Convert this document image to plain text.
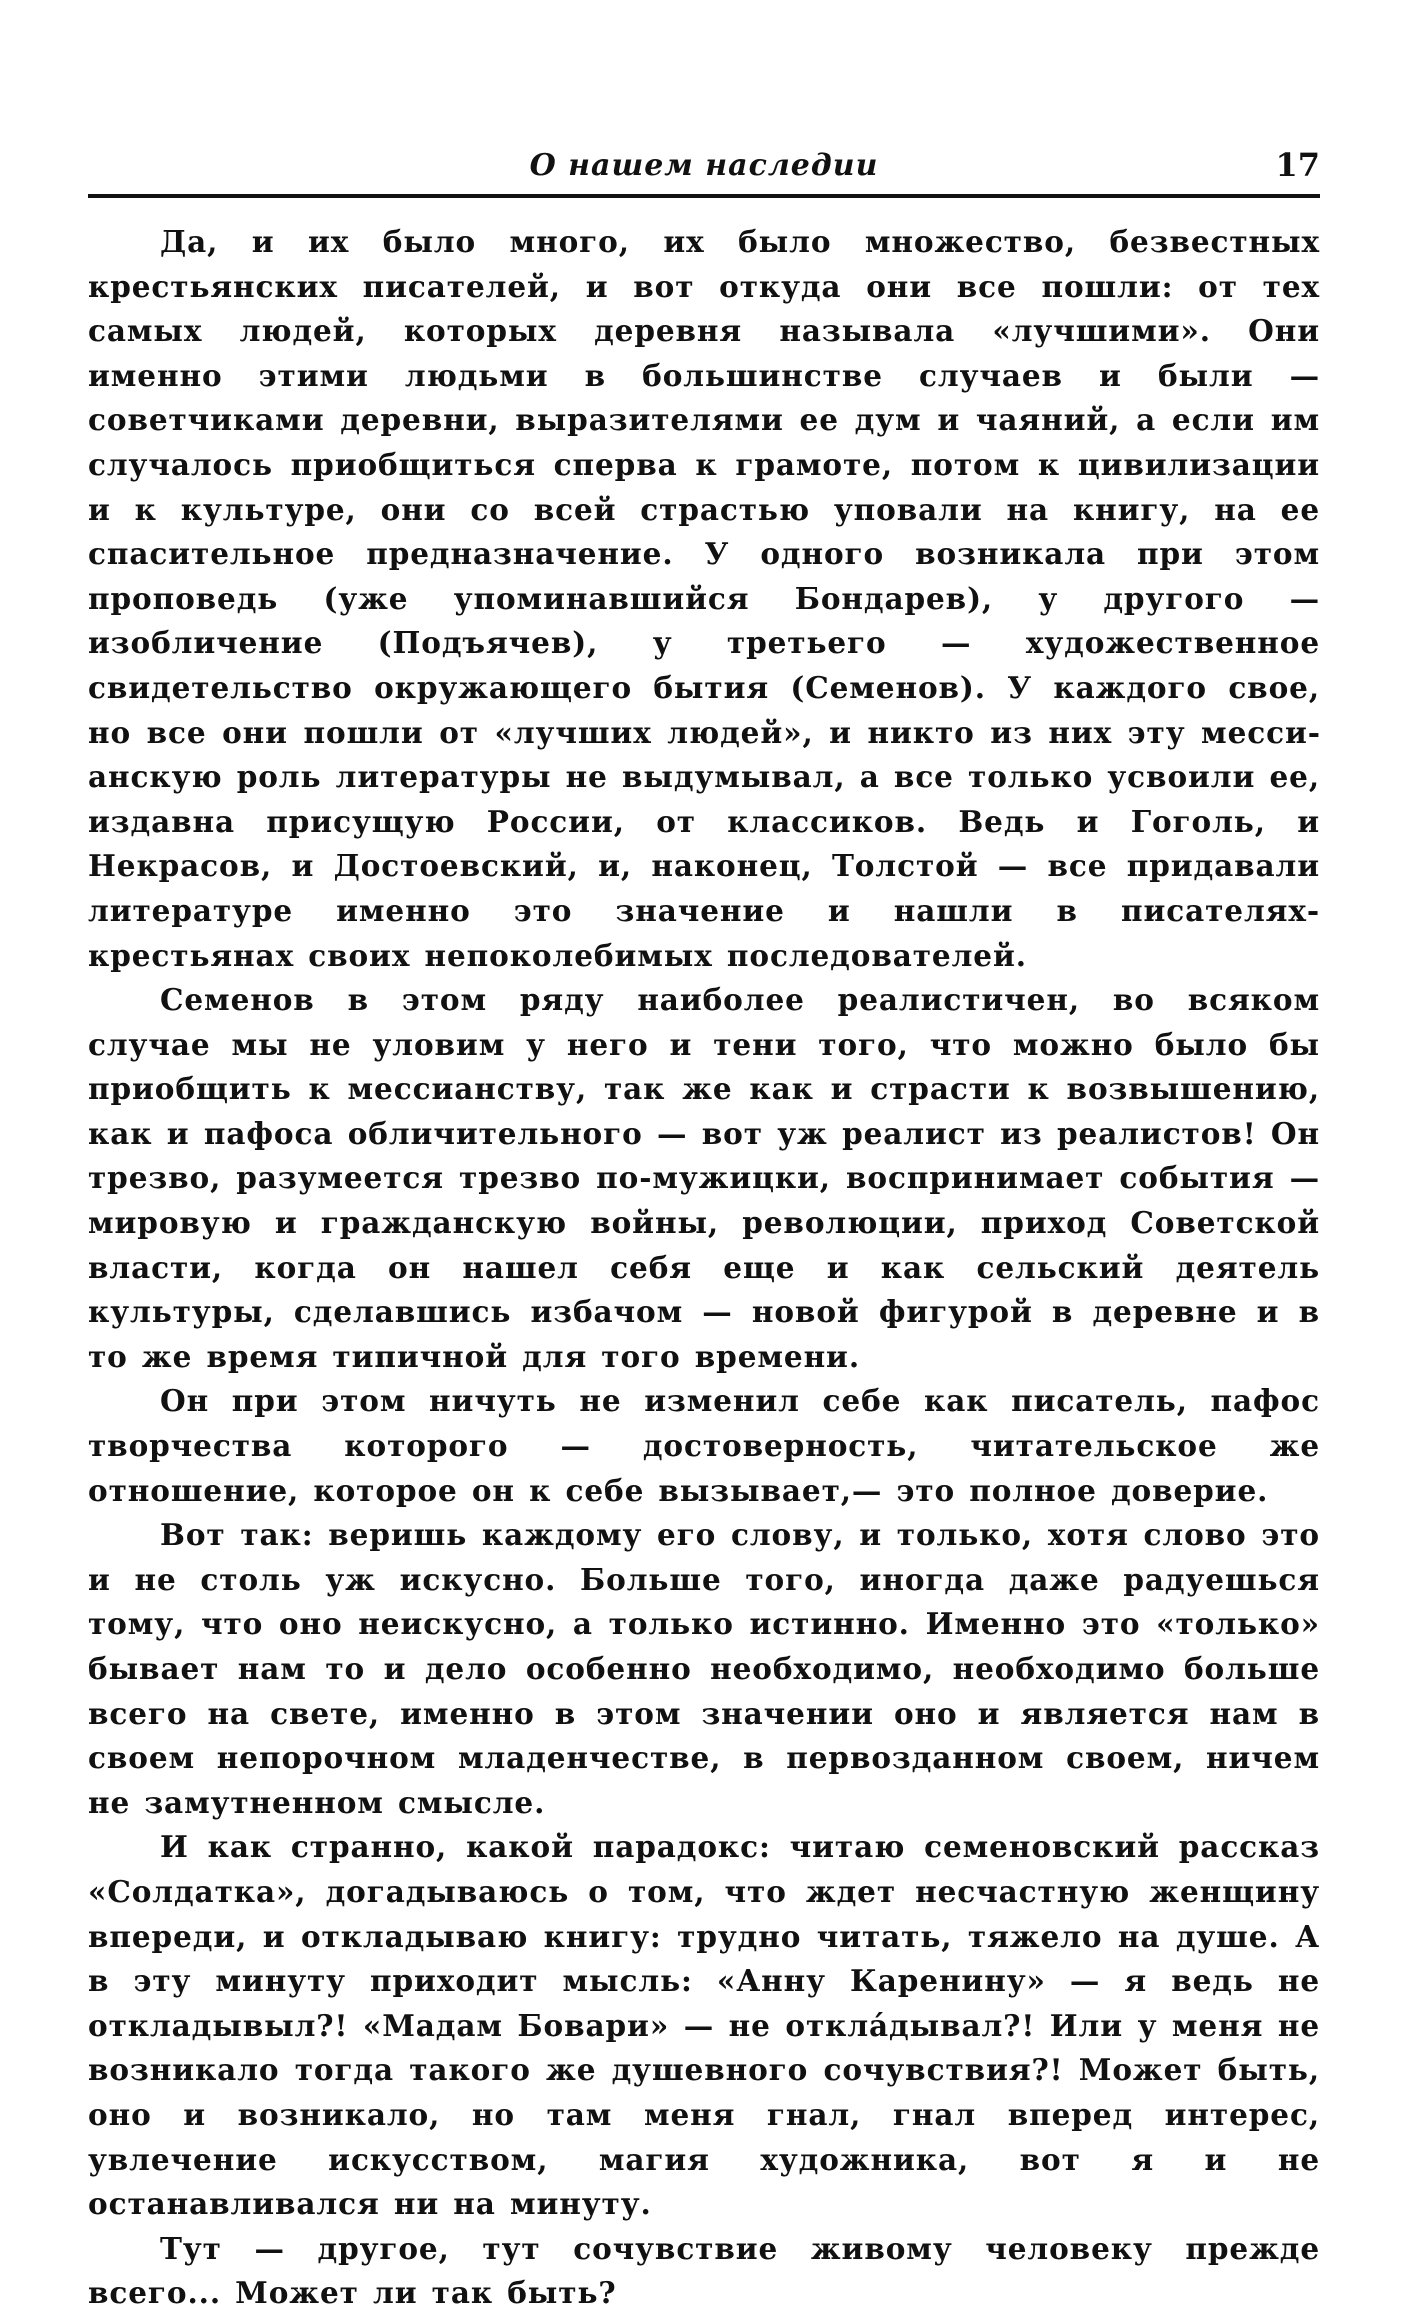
О нашем наследии	17

Да, и их было много, их было множество, безвестных крестьянских писателей, и вот откуда они все пошли: от тех самых людей, которых деревня называла «лучшими». Они именно этими людьми в большинстве случаев и были — советчиками деревни, выразителями ее дум и чаяний, а если им случалось приобщиться сперва к грамоте, потом к цивилизации и к культуре, они со всей страстью уповали на книгу, на ее спасительное предназначение. У одного возникала при этом проповедь (уже упоминавшийся Бондарев), у другого — изобличение (Подъячев), у третьего — художественное свидетельство окружающего бытия (Семенов). У каждого свое, но все они пошли от «лучших людей», и никто из них эту мессианскую роль литературы не выдумывал, а все только усвоили ее, издавна присущую России, от классиков. Ведь и Гоголь, и Некрасов, и Достоевский, и, наконец, Толстой — все придавали литературе именно это значение и нашли в писателях-крестьянах своих непоколебимых последователей.

Семенов в этом ряду наиболее реалистичен, во всяком случае мы не уловим у него и тени того, что можно было бы приобщить к мессианству, так же как и страсти к возвышению, как и пафоса обличительного — вот уж реалист из реалистов! Он трезво, разумеется трезво по-мужицки, воспринимает события — мировую и гражданскую войны, революции, приход Советской власти, когда он нашел себя еще и как сельский деятель культуры, сделавшись избачом — новой фигурой в деревне и в то же время типичной для того времени.

Он при этом ничуть не изменил себе как писатель, пафос творчества которого — достоверность, читательское же отношение, которое он к себе вызывает,— это полное доверие.

Вот так: веришь каждому его слову, и только, хотя слово это и не столь уж искусно. Больше того, иногда даже радуешься тому, что оно неискусно, а только истинно. Именно это «только» бывает нам то и дело особенно необходимо, необходимо больше всего на свете, именно в этом значении оно и является нам в своем непорочном младенчестве, в первозданном своем, ничем не замутненном смысле.

И как странно, какой парадокс: читаю семеновский рассказ «Солдатка», догадываюсь о том, что ждет несчастную женщину впереди, и откладываю книгу: трудно читать, тяжело на душе. А в эту минуту приходит мысль: «Анну Каренину» — я ведь не откладывыл?! «Мадам Бовари» — не откла́дывал?! Или у меня не возникало тогда такого же душевного сочувствия?! Может быть, оно и возникало, но там меня гнал, гнал вперед интерес, увлечение искусством, магия художника, вот я и не останавливался ни на минуту.

Тут — другое, тут сочувствие живому человеку прежде всего... Может ли так быть?
